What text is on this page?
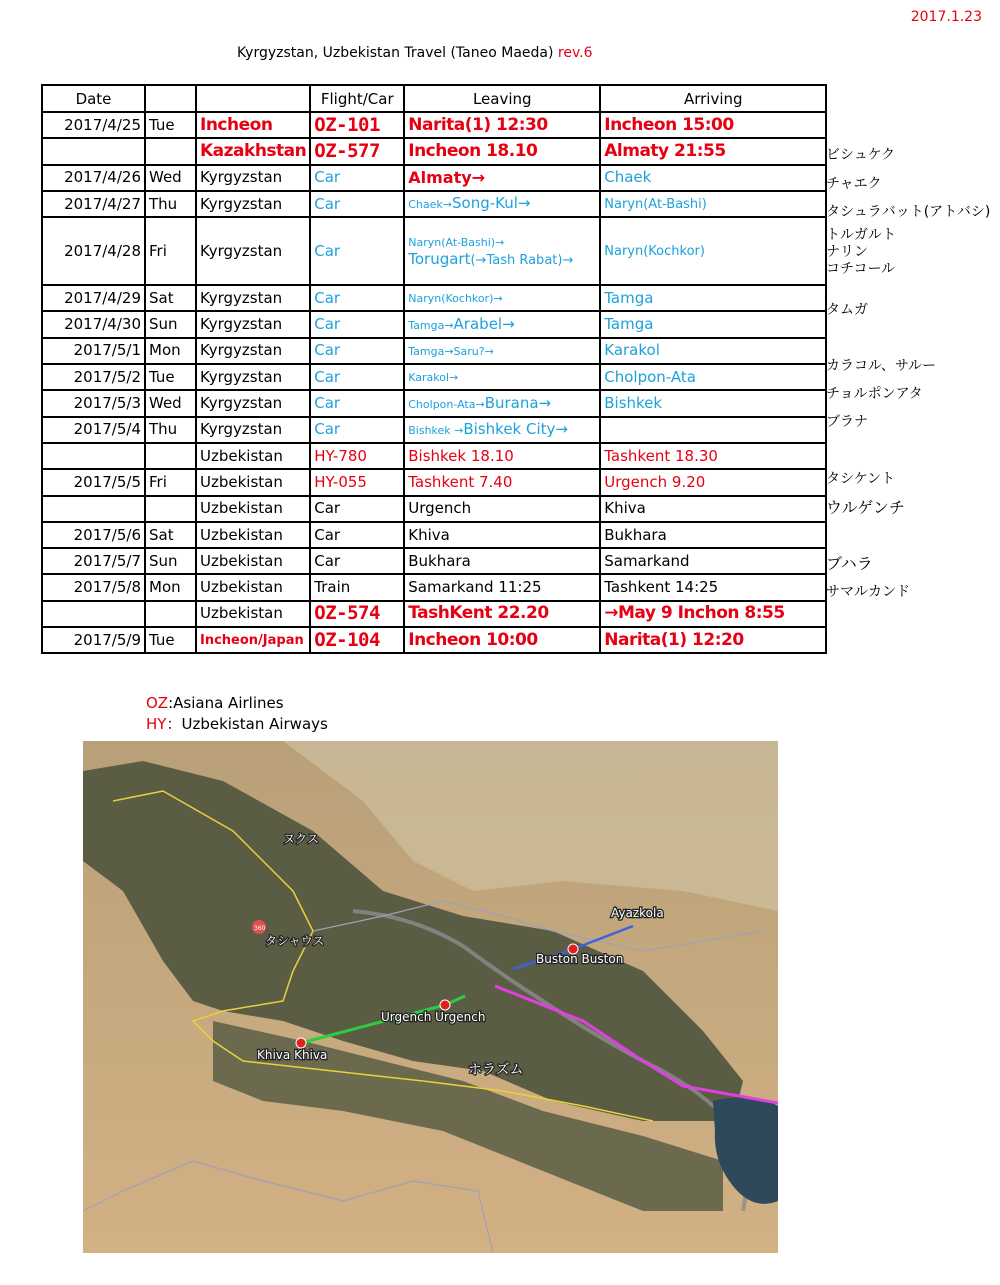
2017.1.23
Kyrgyzstan, Uzbekistan Travel (Taneo Maeda) rev.6
Date			Flight/Car	Leaving	Arriving
2017/4/25	Tue	Incheon	OZ-101	Narita(1) 12:30	Incheon 15:00
		Kazakhstan	OZ-577	Incheon 18.10	Almaty 21:55
2017/4/26	Wed	Kyrgyzstan	Car	Almaty→	Chaek
2017/4/27	Thu	Kyrgyzstan	Car	Chaek→Song-Kul→	Naryn(At-Bashi)
2017/4/28	Fri	Kyrgyzstan	Car	Naryn(At-Bashi)→
Torugart(→Tash Rabat)→	Naryn(Kochkor)
2017/4/29	Sat	Kyrgyzstan	Car	Naryn(Kochkor)→	Tamga
2017/4/30	Sun	Kyrgyzstan	Car	Tamga→Arabel→	Tamga
2017/5/1	Mon	Kyrgyzstan	Car	Tamga→Saru?→	Karakol
2017/5/2	Tue	Kyrgyzstan	Car	Karakol→	Cholpon-Ata
2017/5/3	Wed	Kyrgyzstan	Car	Cholpon-Ata→Burana→	Bishkek
2017/5/4	Thu	Kyrgyzstan	Car	Bishkek →Bishkek City→	
		Uzbekistan	HY-780	Bishkek 18.10	Tashkent 18.30
2017/5/5	Fri	Uzbekistan	HY-055	Tashkent 7.40	Urgench 9.20
		Uzbekistan	Car	Urgench	Khiva
2017/5/6	Sat	Uzbekistan	Car	Khiva	Bukhara
2017/5/7	Sun	Uzbekistan	Car	Bukhara	Samarkand
2017/5/8	Mon	Uzbekistan	Train	Samarkand 11:25	Tashkent 14:25
		Uzbekistan	OZ-574	TashKent 22.20	→May 9 Inchon 8:55
2017/5/9	Tue	Incheon/Japan	OZ-104	Incheon 10:00	Narita(1) 12:20
ビシュケク
チャエク
タシュラバット(アトバシ)
トルガルト
ナリン
コチコール
タムガ
カラコル、サルー
チョルポンアタ
ブラナ
タシケント
ウルゲンチ
ブハラ
サマルカンド
OZ:Asiana Airlines
HY：Uzbekistan Airways
360
ヌクス
タシャウス
Ayazkola
Buston Buston
Urgench Urgench
Khiva Khiva
ホラズム
